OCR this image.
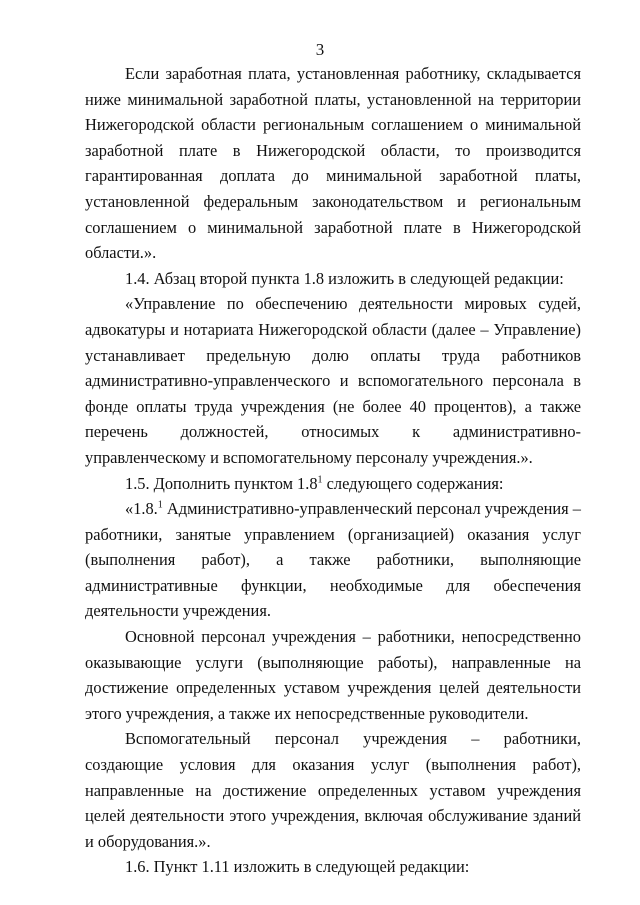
3

Если заработная плата, установленная работнику, складывается ниже минимальной заработной платы, установленной на территории Нижегородской области региональным соглашением о минимальной заработной плате в Нижегородской области, то производится гарантированная доплата до минимальной заработной платы, установленной федеральным законодательством и региональным соглашением о минимальной заработной плате в Нижегородской области.».

1.4. Абзац второй пункта 1.8 изложить в следующей редакции:

«Управление по обеспечению деятельности мировых судей, адвокатуры и нотариата Нижегородской области (далее – Управление) устанавливает предельную долю оплаты труда работников административно-управленческого и вспомогательного персонала в фонде оплаты труда учреждения (не более 40 процентов), а также перечень должностей, относимых к административно-управленческому и вспомогательному персоналу учреждения.».

1.5. Дополнить пунктом $1.8^1$ следующего содержания:

«1.8.$^1$ Административно-управленческий персонал учреждения – работники, занятые управлением (организацией) оказания услуг (выполнения работ), а также работники, выполняющие административные функции, необходимые для обеспечения деятельности учреждения.

Основной персонал учреждения – работники, непосредственно оказывающие услуги (выполняющие работы), направленные на достижение определенных уставом учреждения целей деятельности этого учреждения, а также их непосредственные руководители.

Вспомогательный персонал учреждения – работники, создающие условия для оказания услуг (выполнения работ), направленные на достижение определенных уставом учреждения целей деятельности этого учреждения, включая обслуживание зданий и оборудования.».

1.6. Пункт 1.11 изложить в следующей редакции:
